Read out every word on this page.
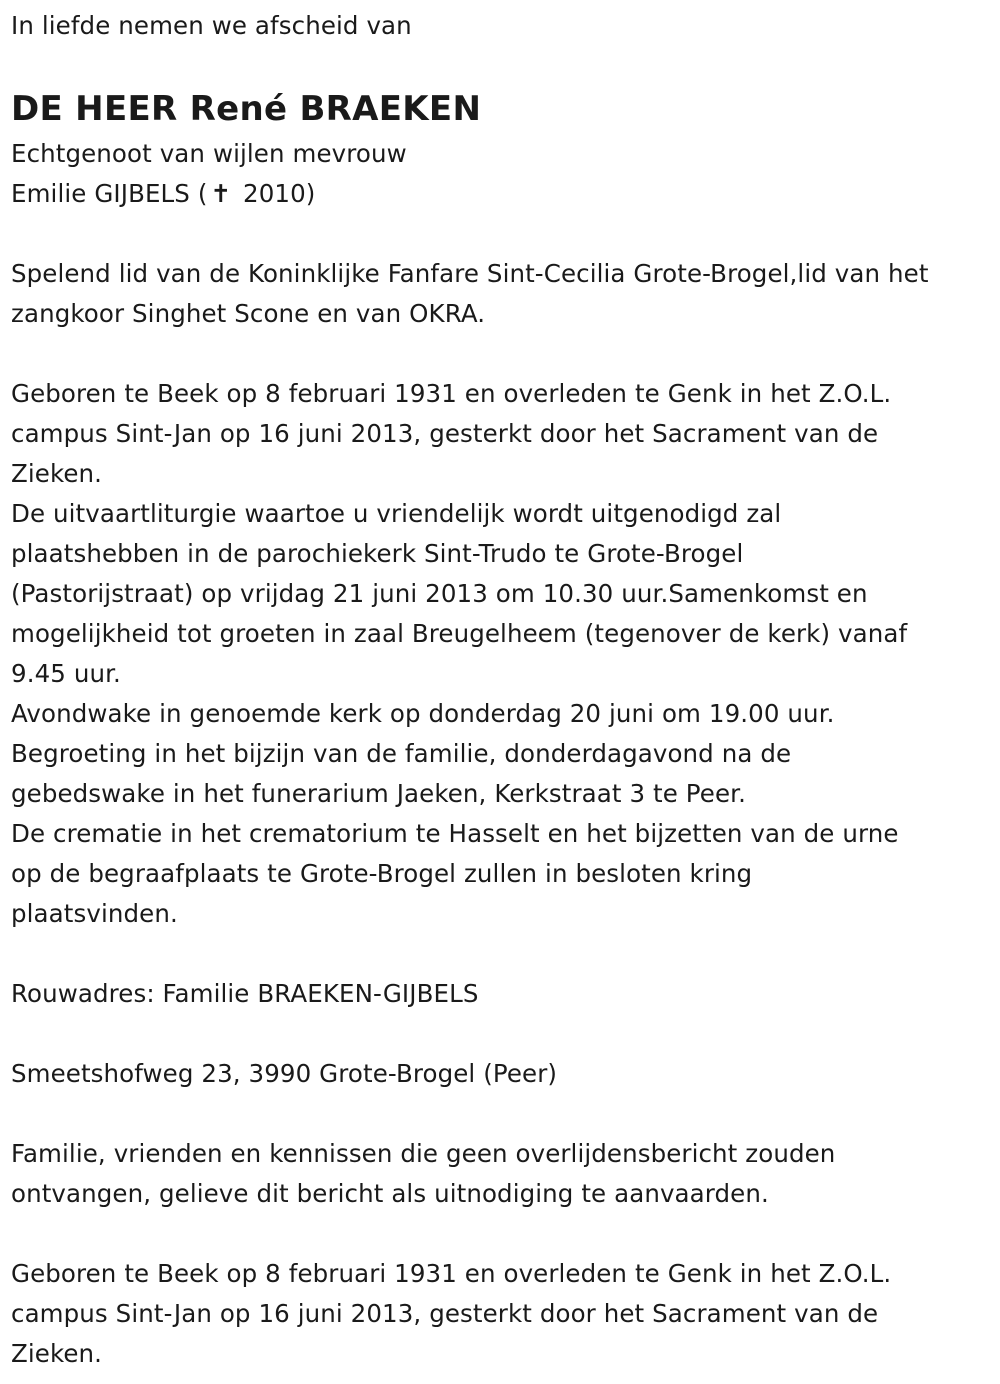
In liefde nemen we afscheid van
DE HEER René BRAEKEN
Echtgenoot van wijlen mevrouw
Emilie GIJBELS ( ✝ 2010)
Spelend lid van de Koninklijke Fanfare Sint-Cecilia Grote-Brogel,lid van het
zangkoor Singhet Scone en van OKRA.
Geboren te Beek op 8 februari 1931 en overleden te Genk in het Z.O.L.
campus Sint-Jan op 16 juni 2013, gesterkt door het Sacrament van de
Zieken.
De uitvaartliturgie waartoe u vriendelijk wordt uitgenodigd zal
plaatshebben in de parochiekerk Sint-Trudo te Grote-Brogel
(Pastorijstraat) op vrijdag 21 juni 2013 om 10.30 uur.Samenkomst en
mogelijkheid tot groeten in zaal Breugelheem (tegenover de kerk) vanaf
9.45 uur.
Avondwake in genoemde kerk op donderdag 20 juni om 19.00 uur.
Begroeting in het bijzijn van de familie, donderdagavond na de
gebedswake in het funerarium Jaeken, Kerkstraat 3 te Peer.
De crematie in het crematorium te Hasselt en het bijzetten van de urne
op de begraafplaats te Grote-Brogel zullen in besloten kring
plaatsvinden.
Rouwadres: Familie BRAEKEN-GIJBELS
Smeetshofweg 23, 3990 Grote-Brogel (Peer)
Familie, vrienden en kennissen die geen overlijdensbericht zouden
ontvangen, gelieve dit bericht als uitnodiging te aanvaarden.
Geboren te Beek op 8 februari 1931 en overleden te Genk in het Z.O.L.
campus Sint-Jan op 16 juni 2013, gesterkt door het Sacrament van de
Zieken.
